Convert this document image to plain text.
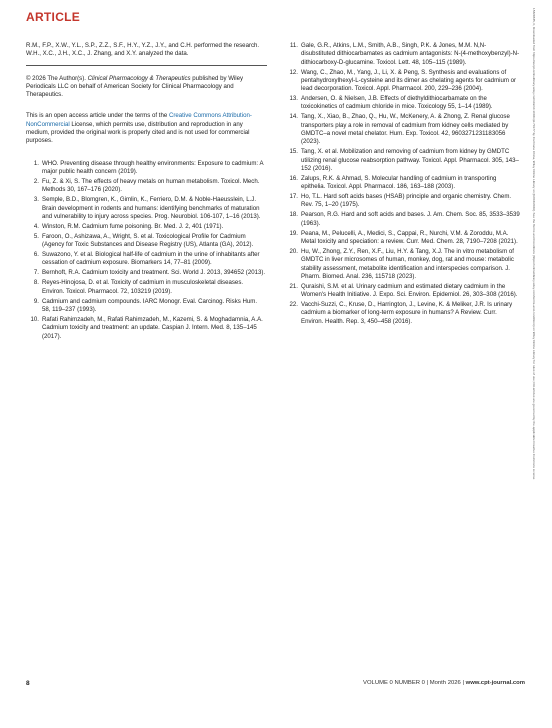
ARTICLE

R.M., F.P., X.W., Y.L., S.P., Z.Z., S.F., H.Y., Y.Z., J.Y., and C.H. performed the research. W.H., X.C., J.H., X.C., J. Zhang, and X.Y. analyzed the data.

© 2026 The Author(s). Clinical Pharmacology & Therapeutics published by Wiley Periodicals LLC on behalf of American Society for Clinical Pharmacology and Therapeutics.

This is an open access article under the terms of the Creative Commons Attribution-NonCommercial License, which permits use, distribution and reproduction in any medium, provided the original work is properly cited and is not used for commercial purposes.

1. WHO. Preventing disease through healthy environments: Exposure to cadmium: A major public health concern (2019).
2. Fu, Z. & Xi, S. The effects of heavy metals on human metabolism. Toxicol. Mech. Methods 30, 167–176 (2020).
3. Semple, B.D., Blomgren, K., Gimlin, K., Ferriero, D.M. & Noble-Haeusslein, L.J. Brain development in rodents and humans: identifying benchmarks of maturation and vulnerability to injury across species. Prog. Neurobiol. 106-107, 1–16 (2013).
4. Winston, R.M. Cadmium fume poisoning. Br. Med. J. 2, 401 (1971).
5. Faroon, O., Ashizawa, A., Wright, S. et al. Toxicological Profile for Cadmium (Agency for Toxic Substances and Disease Registry (US), Atlanta (GA), 2012).
6. Suwazono, Y. et al. Biological half-life of cadmium in the urine of inhabitants after cessation of cadmium exposure. Biomarkers 14, 77–81 (2009).
7. Bernhoft, R.A. Cadmium toxicity and treatment. Sci. World J. 2013, 394652 (2013).
8. Reyes-Hinojosa, D. et al. Toxicity of cadmium in musculoskeletal diseases. Environ. Toxicol. Pharmacol. 72, 103219 (2019).
9. Cadmium and cadmium compounds. IARC Monogr. Eval. Carcinog. Risks Hum. 58, 119–237 (1993).
10. Rafati Rahimzadeh, M., Rafati Rahimzadeh, M., Kazemi, S. & Moghadamnia, A.A. Cadmium toxicity and treatment: an update. Caspian J. Intern. Med. 8, 135–145 (2017).
11. Gale, G.R., Atkins, L.M., Smith, A.B., Singh, P.K. & Jones, M.M. N,N-disubstituted dithiocarbamates as cadmium antagonists: N-(4-methoxybenzyl)-N-dithiocarboxy-D-glucamine. Toxicol. Lett. 48, 105–115 (1989).
12. Wang, C., Zhao, M., Yang, J., Li, X. & Peng, S. Synthesis and evaluations of pentahydroxylhexyl-L-cysteine and its dimer as chelating agents for cadmium or lead decorporation. Toxicol. Appl. Pharmacol. 200, 229–236 (2004).
13. Andersen, O. & Nielsen, J.B. Effects of diethyldithiocarbamate on the toxicokinetics of cadmium chloride in mice. Toxicology 55, 1–14 (1989).
14. Tang, X., Xiao, B., Zhao, Q., Hu, W., McKenery, A. & Zhong, Z. Renal glucose transporters play a role in removal of cadmium from kidney cells mediated by GMDTC–a novel metal chelator. Hum. Exp. Toxicol. 42, 9603271231183056 (2023).
15. Tang, X. et al. Mobilization and removing of cadmium from kidney by GMDTC utilizing renal glucose reabsorption pathway. Toxicol. Appl. Pharmacol. 305, 143–152 (2016).
16. Zalups, R.K. & Ahmad, S. Molecular handling of cadmium in transporting epithelia. Toxicol. Appl. Pharmacol. 186, 163–188 (2003).
17. Ho, T.L. Hard soft acids bases (HSAB) principle and organic chemistry. Chem. Rev. 75, 1–20 (1975).
18. Pearson, R.G. Hard and soft acids and bases. J. Am. Chem. Soc. 85, 3533–3539 (1963).
19. Peana, M., Pelucelli, A., Medici, S., Cappai, R., Nurchi, V.M. & Zoroddu, M.A. Metal toxicity and speciation: a review. Curr. Med. Chem. 28, 7190–7208 (2021).
20. Hu, W., Zhong, Z.Y., Ren, X.F., Liu, H.Y. & Tang, X.J. The in vitro metabolism of GMDTC in liver microsomes of human, monkey, dog, rat and mouse: metabolic stability assessment, metabolite identification and interspecies comparison. J. Pharm. Biomed. Anal. 236, 115718 (2023).
21. Quraishi, S.M. et al. Urinary cadmium and estimated dietary cadmium in the Women's Health Initiative. J. Expo. Sci. Environ. Epidemiol. 26, 303–308 (2016).
22. Vacchi-Suzzi, C., Kruse, D., Harrington, J., Levine, K. & Meliker, J.R. Is urinary cadmium a biomarker of long-term exposure in humans? A Review. Curr. Environ. Health. Rep. 3, 450–458 (2016).	15326535, 0, Downloaded from https://ascpt.onlinelibrary.wiley.com/doi/10.1002/cpt.70177 by Cochrane China, Wiley Online Library on [02/04/2026]. See the Terms and Conditions (https://onlinelibrary.wiley.com/terms-and-conditions) on Wiley Online Library for rules of use; OA articles are governed by the applicable Creative Commons License
8	VOLUME 0 NUMBER 0 | Month 2026 | www.cpt-journal.com
